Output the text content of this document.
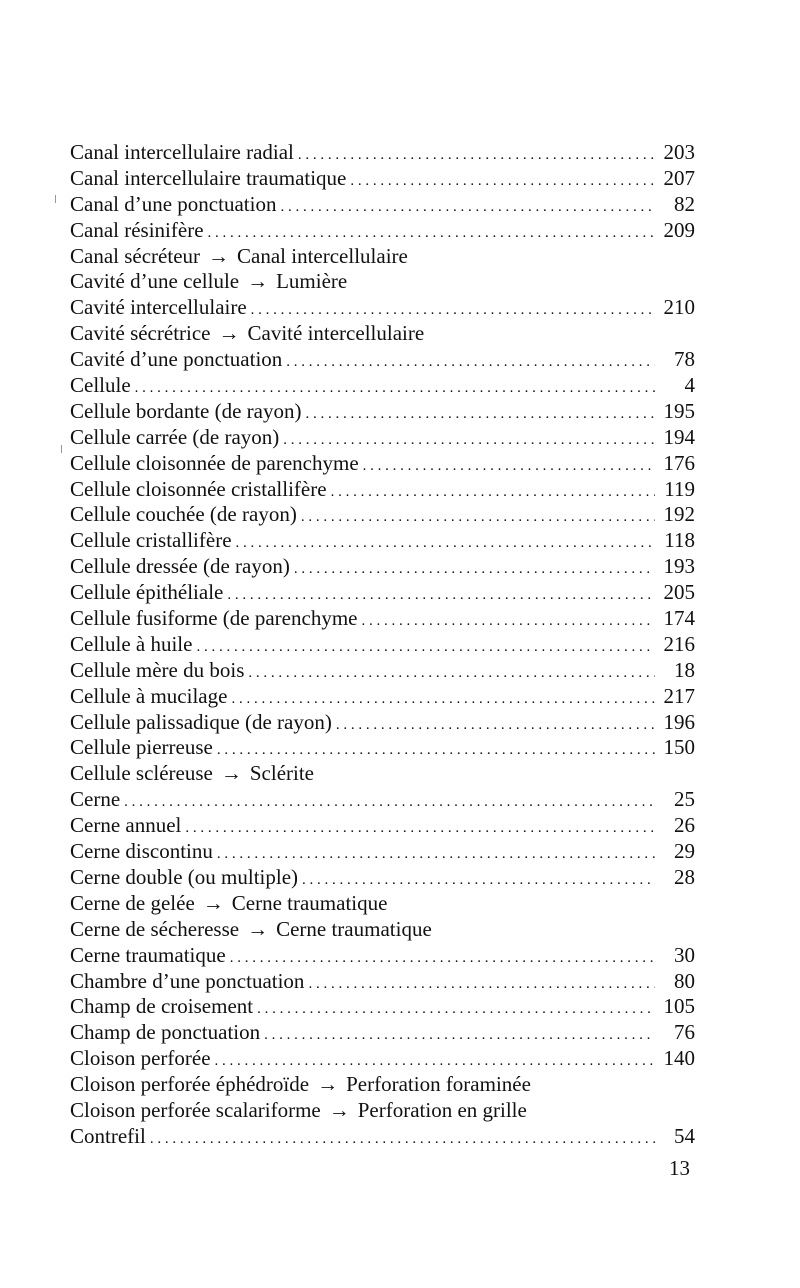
Canal intercellulaire radial . . .	203
Canal intercellulaire traumatique . . .	207
Canal d’une ponctuation . . .	82
Canal résinifère . . .	209
Canal sécréteur → Canal intercellulaire
Cavité d’une cellule → Lumière
Cavité intercellulaire . . .	210
Cavité sécrétrice → Cavité intercellulaire
Cavité d’une ponctuation . . .	78
Cellule . . .	4
Cellule bordante (de rayon) . . .	195
Cellule carrée (de rayon) . . .	194
Cellule cloisonnée de parenchyme . . .	176
Cellule cloisonnée cristallifère . . .	119
Cellule couchée (de rayon) . . .	192
Cellule cristallifère . . .	118
Cellule dressée (de rayon) . . .	193
Cellule épithéliale . . .	205
Cellule fusiforme (de parenchyme . . .	174
Cellule à huile . . .	216
Cellule mère du bois . . .	18
Cellule à mucilage . . .	217
Cellule palissadique (de rayon) . . .	196
Cellule pierreuse . . .	150
Cellule scléreuse → Sclérite
Cerne . . .	25
Cerne annuel . . .	26
Cerne discontinu . . .	29
Cerne double (ou multiple) . . .	28
Cerne de gelée → Cerne traumatique
Cerne de sécheresse → Cerne traumatique
Cerne traumatique . . .	30
Chambre d’une ponctuation . . .	80
Champ de croisement . . .	105
Champ de ponctuation . . .	76
Cloison perforée . . .	140
Cloison perforée éphédroïde → Perforation foraminée
Cloison perforée scalariforme → Perforation en grille
Contrefil . . .	54
13
